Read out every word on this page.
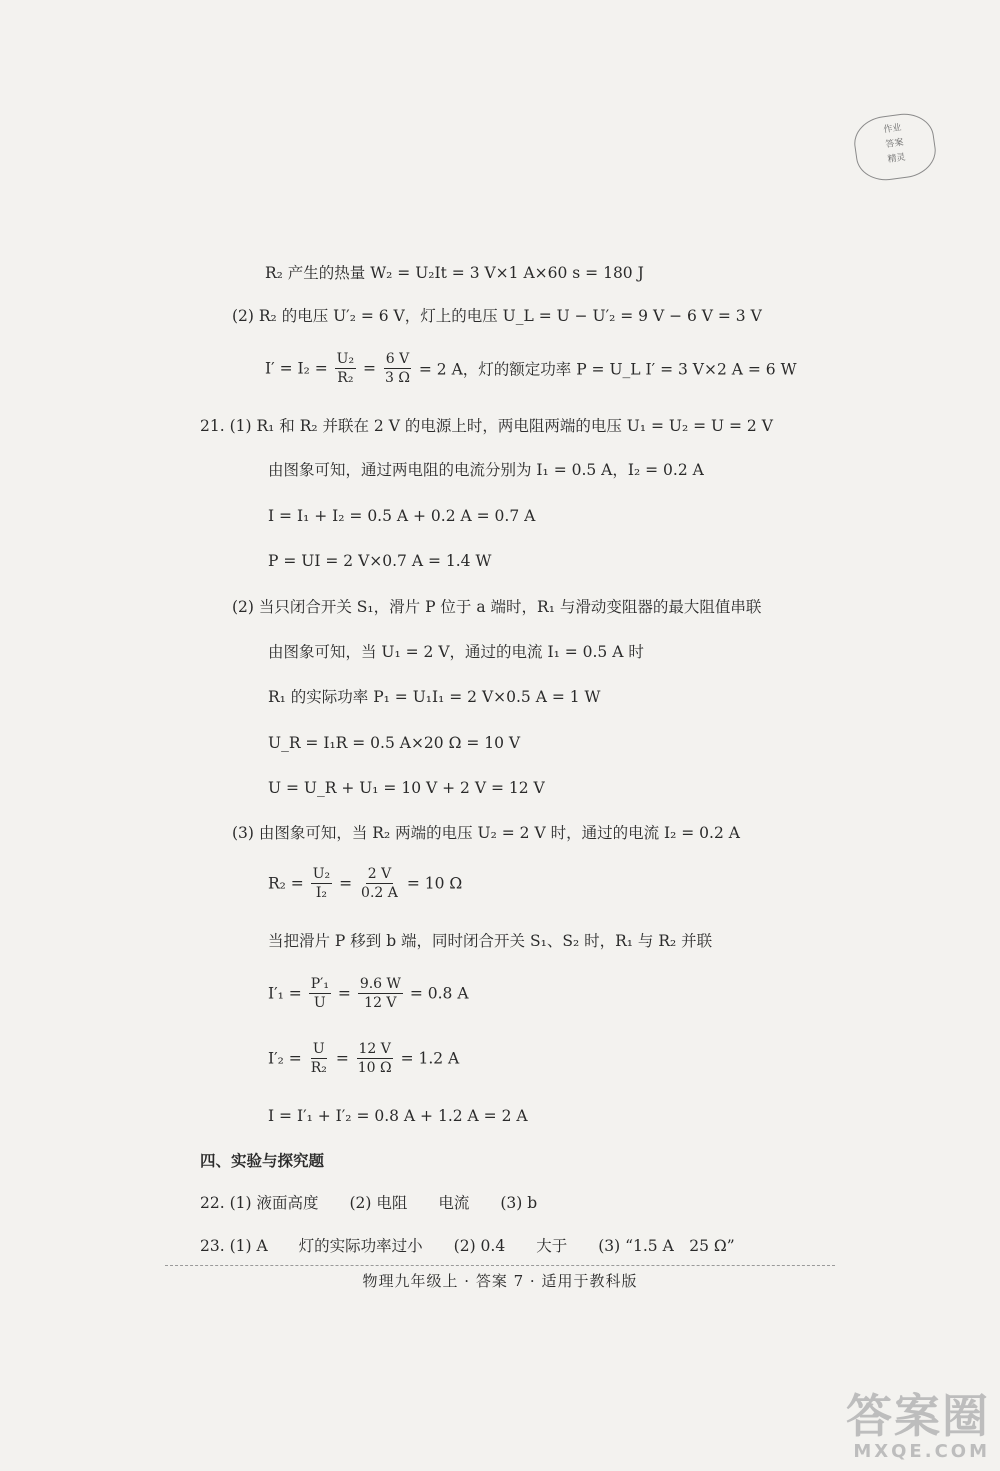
作业
答案
精灵
R₂ 产生的热量 W₂ = U₂It = 3 V×1 A×60 s = 180 J
(2) R₂ 的电压 U′₂ = 6 V，灯上的电压 U_L = U − U′₂ = 9 V − 6 V = 3 V
$I' = I_2 = \frac{\text{U₂}}{\text{R₂}} = \frac{6 V}{3 \Omega} = 2$ A，灯的额定功率 P = U_L I′ = 3 V×2 A = 6 W
21. (1) R₁ 和 R₂ 并联在 2 V 的电源上时，两电阻两端的电压 U₁ = U₂ = U = 2 V
由图象可知，通过两电阻的电流分别为 I₁ = 0.5 A，I₂ = 0.2 A
I = I₁ + I₂ = 0.5 A + 0.2 A = 0.7 A
P = UI = 2 V×0.7 A = 1.4 W
(2) 当只闭合开关 S₁，滑片 P 位于 a 端时，R₁ 与滑动变阻器的最大阻值串联
由图象可知，当 U₁ = 2 V，通过的电流 I₁ = 0.5 A 时
R₁ 的实际功率 P₁ = U₁I₁ = 2 V×0.5 A = 1 W
U_R = I₁R = 0.5 A×20 Ω = 10 V
U = U_R + U₁ = 10 V + 2 V = 12 V
(3) 由图象可知，当 R₂ 两端的电压 U₂ = 2 V 时，通过的电流 I₂ = 0.2 A
$R_2 = \frac{\text{U₂}}{\text{I₂}} = \frac{2 V}{0.2 A} = 10$ Ω
当把滑片 P 移到 b 端，同时闭合开关 S₁、S₂ 时，R₁ 与 R₂ 并联
$I'_1 = \frac{\text{P′₁}}{U} = \frac{9.6 W}{12 V} = 0.8$ A
$I'_2 = \frac{U}{\text{R₂}} = \frac{12 V}{10 \Omega} = 1.2$ A
I = I′₁ + I′₂ = 0.8 A + 1.2 A = 2 A
四、实验与探究题
22. (1) 液面高度　　(2) 电阻　　电流　　(3) b
23. (1) A　　灯的实际功率过小　　(2) 0.4　　大于　　(3) “1.5 A　25 Ω”
物理九年级上 · 答案 7 · 适用于教科版
答案圈
MXQE.COM
